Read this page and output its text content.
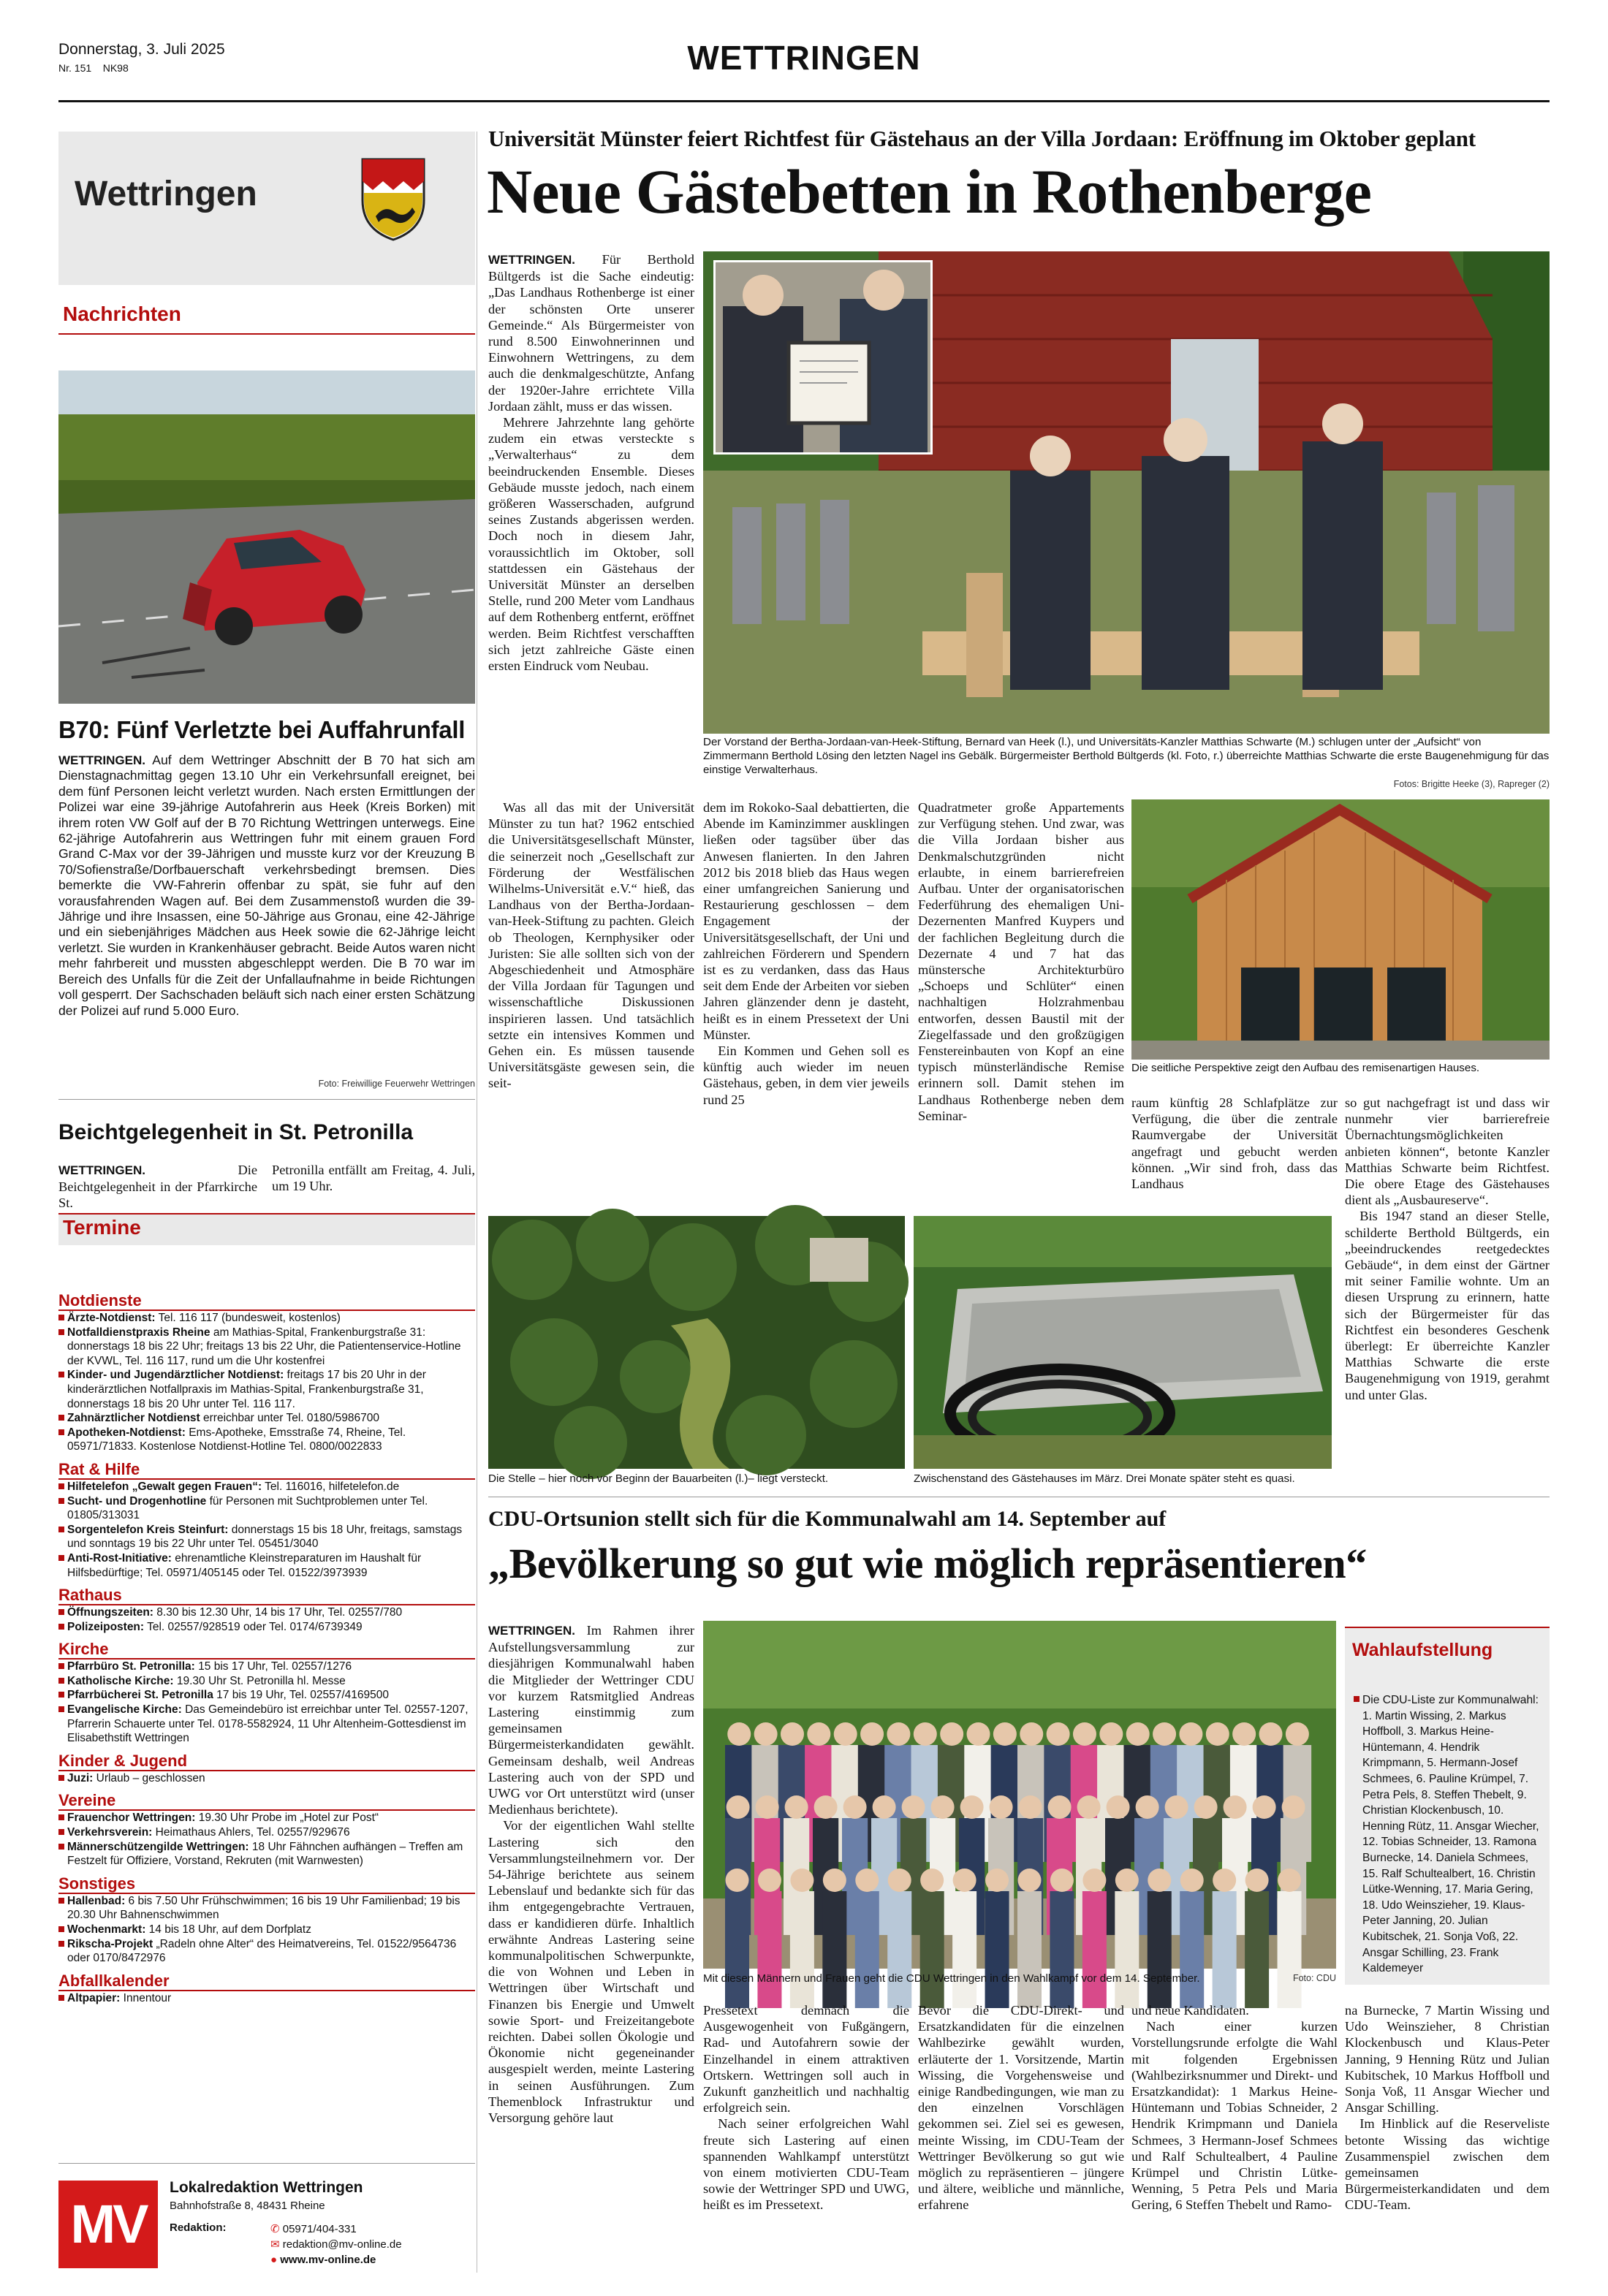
Donnerstag, 3. Juli 2025
Nr. 151 NK98	WETTRINGEN
Wettringen
Nachrichten
B70: Fünf Verletzte bei Auffahrunfall

WETTRINGEN. Auf dem Wettringer Abschnitt der B 70 hat sich am Dienstagnachmittag gegen 13.10 Uhr ein Verkehrsunfall ereignet, bei dem fünf Personen leicht verletzt wurden. Nach ersten Ermittlungen der Polizei war eine 39-jährige Autofahrerin aus Heek (Kreis Borken) mit ihrem roten VW Golf auf der B 70 Richtung Wettringen unterwegs. Eine 62-jährige Autofahrerin aus Wettringen fuhr mit einem grauen Ford Grand C-Max vor der 39-Jährigen und musste kurz vor der Kreuzung B 70/Sofienstraße/Dorfbauerschaft verkehrsbedingt bremsen. Dies bemerkte die VW-Fahrerin offenbar zu spät, sie fuhr auf den vorausfahrenden Wagen auf. Bei dem Zusammenstoß wurden die 39-Jährige und ihre Insassen, eine 50-Jährige aus Gronau, eine 42-Jährige und ein siebenjähriges Mädchen aus Heek sowie die 62-Jährige leicht verletzt. Sie wurden in Krankenhäuser gebracht. Beide Autos waren nicht mehr fahrbereit und mussten abgeschleppt werden. Die B 70 war im Bereich des Unfalls für die Zeit der Unfallaufnahme in beide Richtungen voll gesperrt. Der Sachschaden beläuft sich nach einer ersten Schätzung der Polizei auf rund 5.000 Euro.

Foto: Freiwillige Feuerwehr Wettringen
Beichtgelegenheit in St. Petronilla

WETTRINGEN.	Die Beichtgelegenheit in der Pfarrkirche St.

Petronilla entfällt am Freitag, 4. Juli, um 19 Uhr.
Termine
Notdienste
Ärzte-Notdienst: Tel. 116 117 (bundesweit, kostenlos)
Notfalldienstpraxis Rheine am Mathias-Spital, Frankenburgstraße 31: donnerstags 18 bis 22 Uhr; freitags 13 bis 22 Uhr, die Patientenservice-Hotline der KVWL, Tel. 116 117, rund um die Uhr kostenfrei
Kinder- und Jugendärztlicher Notdienst: freitags 17 bis 20 Uhr in der kinderärztlichen Notfallpraxis im Mathias-Spital, Frankenburgstraße 31, donnerstags 18 bis 20 Uhr unter Tel. 116 117.
Zahnärztlicher Notdienst erreichbar unter Tel. 0180/5986700
Apotheken-Notdienst: Ems-Apotheke, Emsstraße 74, Rheine, Tel. 05971/71833. Kostenlose Notdienst-Hotline Tel. 0800/0022833
Rat & Hilfe
Hilfetelefon „Gewalt gegen Frauen“: Tel. 116016, hilfetelefon.de
Sucht- und Drogenhotline für Personen mit Suchtproblemen unter Tel. 01805/313031
Sorgentelefon Kreis Steinfurt: donnerstags 15 bis 18 Uhr, freitags, samstags und sonntags 19 bis 22 Uhr unter Tel. 05451/3040
Anti-Rost-Initiative: ehrenamtliche Kleinstreparaturen im Haushalt für Hilfsbedürftige; Tel. 05971/405145 oder Tel. 01522/3973939
Rathaus
Öffnungszeiten: 8.30 bis 12.30 Uhr, 14 bis 17 Uhr, Tel. 02557/780
Polizeiposten: Tel. 02557/928519 oder Tel. 0174/6739349
Kirche
Pfarrbüro St. Petronilla: 15 bis 17 Uhr, Tel. 02557/1276
Katholische Kirche: 19.30 Uhr St. Petronilla hl. Messe
Pfarrbücherei St. Petronilla 17 bis 19 Uhr, Tel. 02557/4169500
Evangelische Kirche: Das Gemeindebüro ist erreichbar unter Tel. 02557-1207, Pfarrerin Schauerte unter Tel. 0178-5582924, 11 Uhr Altenheim-Gottesdienst im Elisabethstift Wettringen
Kinder & Jugend
Juzi: Urlaub – geschlossen
Vereine
Frauenchor Wettringen: 19.30 Uhr Probe im „Hotel zur Post“
Verkehrsverein: Heimathaus Ahlers, Tel. 02557/929676
Männerschützengilde Wettringen: 18 Uhr Fähnchen aufhängen – Treffen am Festzelt für Offiziere, Vorstand, Rekruten (mit Warnwesten)
Sonstiges
Hallenbad: 6 bis 7.50 Uhr Frühschwimmen; 16 bis 19 Uhr Familienbad; 19 bis 20.30 Uhr Bahnenschwimmen
Wochenmarkt: 14 bis 18 Uhr, auf dem Dorfplatz
Rikscha-Projekt „Radeln ohne Alter“ des Heimatvereins, Tel. 01522/9564736 oder 0170/8472976
Abfallkalender
Altpapier: Innentour
MV
Lokalredaktion Wettringen
Bahnhofstraße 8, 48431 Rheine
Redaktion:	✆ 05971/404-331
✉ redaktion@mv-online.de
● www.mv-online.de
Universität Münster feiert Richtfest für Gästehaus an der Villa Jordaan: Eröffnung im Oktober geplant
Neue Gästebetten in Rothenberge

WETTRINGEN. Für Berthold Bültgerds ist die Sache eindeutig: „Das Landhaus Rothenberge ist einer der schönsten Orte unserer Gemeinde.“ Als Bürgermeister von rund 8.500 Einwohnerinnen und Einwohnern Wettringens, zu dem auch die denkmalgeschützte, Anfang der 1920er-Jahre errichtete Villa Jordaan zählt, muss er das wissen.

Mehrere Jahrzehnte lang gehörte zudem ein etwas versteckte s „Verwalterhaus“ zu dem beeindruckenden Ensemble. Dieses Gebäude musste jedoch, nach einem größeren Wasserschaden, aufgrund seines Zustands abgerissen werden. Doch noch in diesem Jahr, voraussichtlich im Oktober, soll stattdessen ein Gästehaus der Universität Münster an derselben Stelle, rund 200 Meter vom Landhaus auf dem Rothenberg entfernt, eröffnet werden. Beim Richtfest verschafften sich jetzt zahlreiche Gäste einen ersten Eindruck vom Neubau.

Was all das mit der Universität Münster zu tun hat? 1962 entschied die Universitätsgesellschaft Münster, die seinerzeit noch „Gesellschaft zur Förderung der Westfälischen Wilhelms-Universität e.V.“ hieß, das Landhaus von der Bertha-Jordaan-van-Heek-Stiftung zu pachten. Gleich ob Theologen, Kernphysiker oder Juristen: Sie alle sollten sich von der Abgeschiedenheit und Atmosphäre der Villa Jordaan für Tagungen und wissenschaftliche Diskussionen inspirieren lassen. Und tatsächlich setzte ein intensives Kommen und Gehen ein. Es müssen tausende Universitätsgäste gewesen sein, die seit-

dem im Rokoko-Saal debattierten, die Abende im Kaminzimmer ausklingen ließen oder tagsüber über das Anwesen flanierten. In den Jahren 2012 bis 2018 blieb das Haus wegen einer umfangreichen Sanierung und Restaurierung geschlossen – dem Engagement der Universitätsgesellschaft, der Uni und zahlreichen Förderern und Spendern ist es zu verdanken, dass das Haus seit dem Ende der Arbeiten vor sieben Jahren glänzender denn je dasteht, heißt es in einem Pressetext der Uni Münster.

Ein Kommen und Gehen soll es künftig auch wieder im neuen Gästehaus, geben, in dem vier jeweils rund 25

Quadratmeter große Appartements zur Verfügung stehen. Und zwar, was die Villa Jordaan bisher aus Denkmalschutzgründen nicht erlaubte, in einem barrierefreien Aufbau. Unter der organisatorischen Federführung des ehemaligen Uni-Dezernenten Manfred Kuypers und der fachlichen Begleitung durch die Dezernate 4 und 7 hat das münstersche Architekturbüro „Schoeps und Schlüter“ einen nachhaltigen Holzrahmenbau entworfen, dessen Baustil mit der Ziegelfassade und den großzügigen Fenstereinbauten von Kopf an eine typisch münsterländische Remise erinnern soll. Damit stehen im Landhaus Rothenberge neben dem Seminar-

raum künftig 28 Schlafplätze zur Verfügung, die über die zentrale Raumvergabe der Universität angefragt und gebucht werden können. „Wir sind froh, dass das Landhaus

so gut nachgefragt ist und dass wir nunmehr vier barrierefreie Übernachtungsmöglichkeiten anbieten können“, betonte Kanzler Matthias Schwarte beim Richtfest. Die obere Etage des Gästehauses dient als „Ausbaureserve“.

Bis 1947 stand an dieser Stelle, schilderte Berthold Bültgerds, ein „beeindruckendes reetgedecktes Gebäude“, in dem einst der Gärtner mit seiner Familie wohnte. Um an diesen Ursprung zu erinnern, hatte sich der Bürgermeister für das Richtfest ein besonderes Geschenk überlegt: Er überreichte Kanzler Matthias Schwarte die erste Baugenehmigung von 1919, gerahmt und unter Glas.

Der Vorstand der Bertha-Jordaan-van-Heek-Stiftung, Bernard van Heek (l.), und Universitäts-Kanzler Matthias Schwarte (M.) schlugen unter der „Aufsicht“ von Zimmermann Berthold Lösing den letzten Nagel ins Gebälk. Bürgermeister Berthold Bültgerds (kl. Foto, r.) überreichte Matthias Schwarte die erste Baugenehmigung für das einstige Verwalterhaus.
Fotos: Brigitte Heeke (3), Rapreger (2)
Die seitliche Perspektive zeigt den Aufbau des remisenartigen Hauses.
Die Stelle – hier noch vor Beginn der Bauarbeiten (l.)– liegt versteckt.	Zwischenstand des Gästehauses im März. Drei Monate später steht es quasi.
CDU-Ortsunion stellt sich für die Kommunalwahl am 14. September auf
„Bevölkerung so gut wie möglich repräsentieren“

WETTRINGEN. Im Rahmen ihrer Aufstellungsversammlung zur diesjährigen Kommunalwahl haben die Mitglieder der Wettringer CDU vor kurzem Ratsmitglied Andreas Lastering einstimmig zum gemeinsamen Bürgermeisterkandidaten gewählt. Gemeinsam deshalb, weil Andreas Lastering auch von der SPD und UWG vor Ort unterstützt wird (unser Medienhaus berichtete).

Vor der eigentlichen Wahl stellte Lastering sich den Versammlungsteilnehmern vor. Der 54-Jährige berichtete aus seinem Lebenslauf und bedankte sich für das ihm entgegengebrachte Vertrauen, dass er kandidieren dürfe. Inhaltlich erwähnte Andreas Lastering seine kommunalpolitischen Schwerpunkte, die von Wohnen und Leben in Wettringen über Wirtschaft und Finanzen bis Energie und Umwelt sowie Sport- und Freizeitangebote reichten. Dabei sollen Ökologie und Ökonomie nicht gegeneinander ausgespielt werden, meinte Lastering in seinen Ausführungen. Zum Themenblock Infrastruktur und Versorgung gehöre laut

Mit diesen Männern und Frauen geht die CDU Wettringen in den Wahlkampf vor dem 14. September.	Foto: CDU

Pressetext demnach die Ausgewogenheit von Fußgängern, Rad- und Autofahrern sowie der Einzelhandel in einem attraktiven Ortskern. Wettringen soll auch in Zukunft ganzheitlich und nachhaltig erfolgreich sein.

Nach seiner erfolgreichen Wahl freute sich Lastering auf einen spannenden Wahlkampf unterstützt von einem motivierten CDU-Team sowie der Wettringer SPD und UWG, heißt es im Pressetext.

Bevor die CDU-Direkt- und Ersatzkandidaten für die einzelnen Wahlbezirke gewählt wurden, erläuterte der 1. Vorsitzende, Martin Wissing, die Vorgehensweise und einige Randbedingungen, wie man zu den einzelnen Vorschlägen gekommen sei. Ziel sei es gewesen, meinte Wissing, im CDU-Team der Wettringer Bevölkerung so gut wie möglich zu repräsentieren – jüngere und ältere, weibliche und männliche, erfahrene

und neue Kandidaten.

Nach einer kurzen Vorstellungsrunde erfolgte die Wahl mit folgenden Ergebnissen (Wahlbezirksnummer und Direkt- und Ersatzkandidat): 1 Markus Heine-Hüntemann und Tobias Schneider, 2 Hendrik Krimpmann und Daniela Schmees, 3 Hermann-Josef Schmees und Ralf Schultealbert, 4 Pauline Krümpel und Christin Lütke-Wenning, 5 Petra Pels und Maria Gering, 6 Steffen Thebelt und Ramo-

na Burnecke, 7 Martin Wissing und Udo Weinszieher, 8 Christian Klockenbusch und Klaus-Peter Janning, 9 Henning Rütz und Julian Kubitschek, 10 Markus Hoffboll und Sonja Voß, 11 Ansgar Wiecher und Ansgar Schilling.

Im Hinblick auf die Reserveliste betonte Wissing das wichtige Zusammenspiel zwischen dem gemeinsamen Bürgermeisterkandidaten und dem CDU-Team.

Wahlaufstellung
Die CDU-Liste zur Kommunalwahl: 1. Martin Wissing, 2. Markus Hoffboll, 3. Markus Heine-Hüntemann, 4. Hendrik Krimpmann, 5. Hermann-Josef Schmees, 6. Pauline Krümpel, 7. Petra Pels, 8. Steffen Thebelt, 9. Christian Klockenbusch, 10. Henning Rütz, 11. Ansgar Wiecher, 12. Tobias Schneider, 13. Ramona Burnecke, 14. Daniela Schmees, 15. Ralf Schultealbert, 16. Christin Lütke-Wenning, 17. Maria Gering, 18. Udo Weinszieher, 19. Klaus-Peter Janning, 20. Julian Kubitschek, 21. Sonja Voß, 22. Ansgar Schilling, 23. Frank Kaldemeyer
